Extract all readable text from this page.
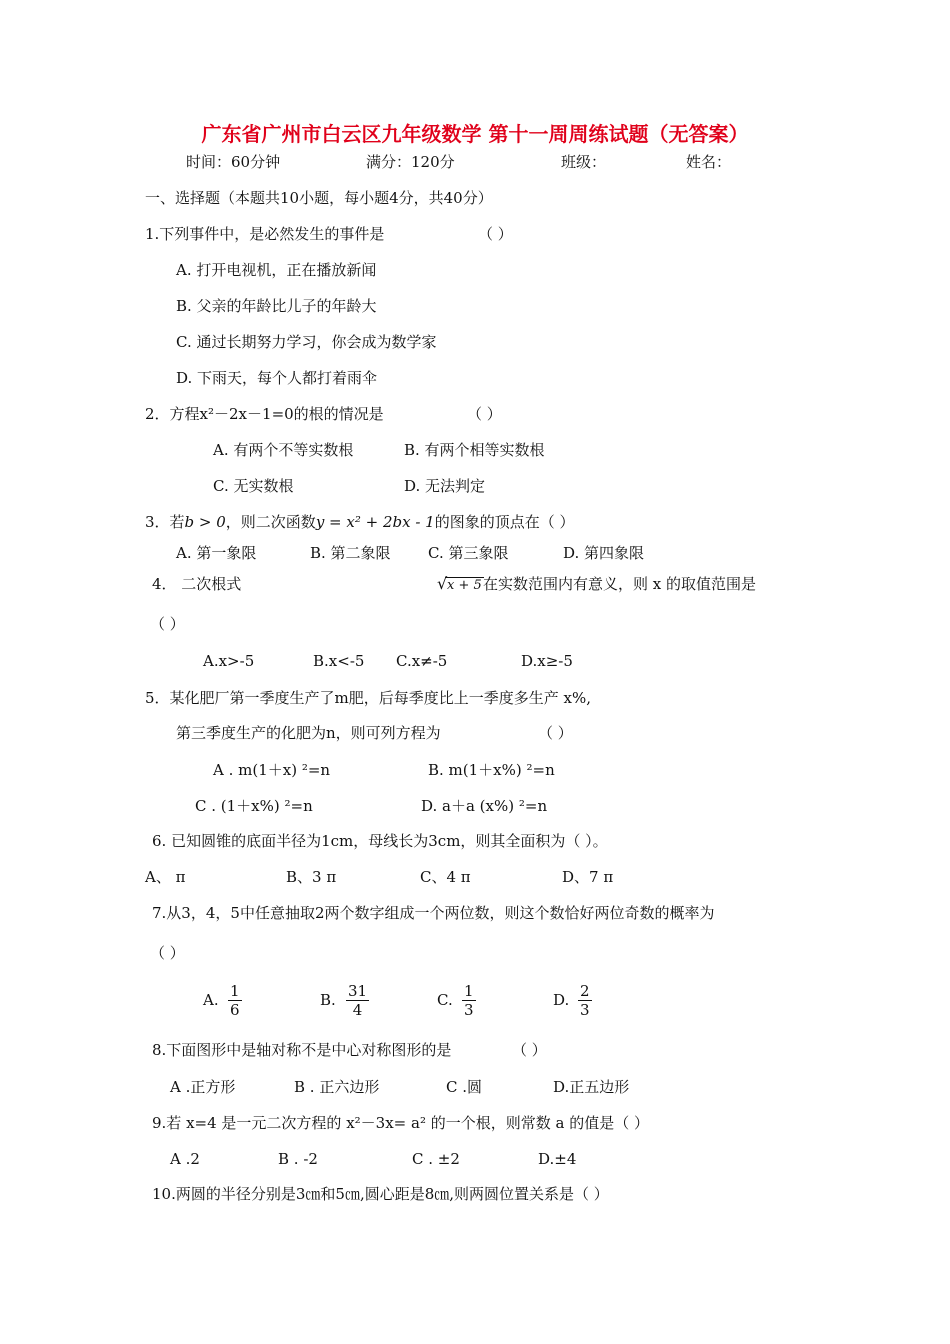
广东省广州市白云区九年级数学 第十一周周练试题（无答案）
时间：60分钟	满分：120分	班级：	姓名：
一、选择题（本题共10小题，每小题4分，共40分）
1.下列事件中，是必然发生的事件是	（ ）
A. 打开电视机，正在播放新闻
B. 父亲的年龄比儿子的年龄大
C. 通过长期努力学习，你会成为数学家
D. 下雨天，每个人都打着雨伞
2．方程x²－2x－1=0的根的情况是	（ ）
A. 有两个不等实数根	B. 有两个相等实数根
C. 无实数根	D. 无法判定
3．若b > 0，则二次函数y = x² + 2bx - 1的图象的顶点在（ ）
A. 第一象限	B. 第二象限 C. 第三象限	D. 第四象限
4． 二次根式	√ x + 5 在实数范围内有意义，则 x 的取值范围是
（ ）
A.x>-5	B.x<-5 C.x≠-5	D.x≥-5
5．某化肥厂第一季度生产了m肥，后每季度比上一季度多生产 x%,
第三季度生产的化肥为n，则可列方程为	（ ）
A . m(1＋x) ²=n	B. m(1＋x%) ²=n
C . (1＋x%) ²=n	D. a＋a (x%) ²=n
6. 已知圆锥的底面半径为1cm，母线长为3cm，则其全面积为（ ）。
A、 π	B、3 π	C、4 π	D、7 π
7.从3，4，5中任意抽取2两个数字组成一个两位数，则这个数恰好两位奇数的概率为
（ ）
A. $\frac{1}{6}$	B. $\frac{31}{4}$	C. $\frac{1}{3}$	D. $\frac{2}{3}$
8.下面图形中是轴对称不是中心对称图形的是	（ ）
A .正方形	B . 正六边形	C .圆	D.正五边形
9.若 x=4 是一元二次方程的 x²－3x= a² 的一个根，则常数 a 的值是（ ）
A .2	B . -2	C . ±2	D.±4
10.两圆的半径分别是3㎝和5㎝,圆心距是8㎝,则两圆位置关系是（ ）
